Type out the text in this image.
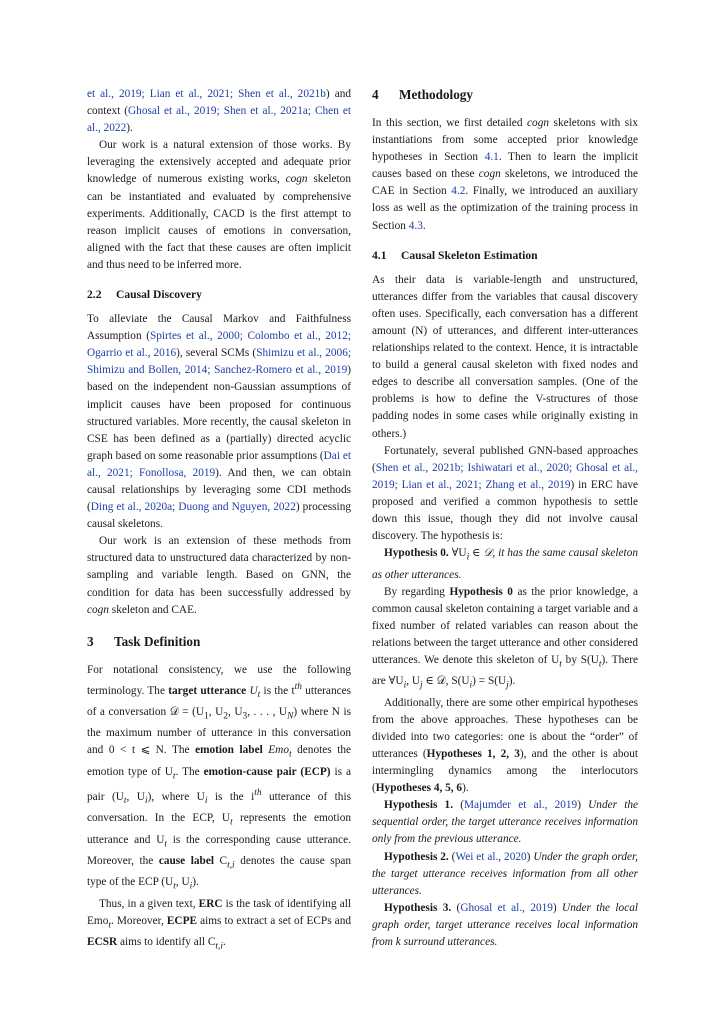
et al., 2019; Lian et al., 2021; Shen et al., 2021b) and context (Ghosal et al., 2019; Shen et al., 2021a; Chen et al., 2022).

Our work is a natural extension of those works. By leveraging the extensively accepted and adequate prior knowledge of numerous existing works, cogn skeleton can be instantiated and evaluated by comprehensive experiments. Additionally, CACD is the first attempt to reason implicit causes of emotions in conversation, aligned with the fact that these causes are often implicit and thus need to be inferred more.

2.2 Causal Discovery

To alleviate the Causal Markov and Faithfulness Assumption (Spirtes et al., 2000; Colombo et al., 2012; Ogarrio et al., 2016), several SCMs (Shimizu et al., 2006; Shimizu and Bollen, 2014; Sanchez-Romero et al., 2019) based on the independent non-Gaussian assumptions of implicit causes have been proposed for continuous structured variables. More recently, the causal skeleton in CSE has been defined as a (partially) directed acyclic graph based on some reasonable prior assumptions (Dai et al., 2021; Fonollosa, 2019). And then, we can obtain causal relationships by leveraging some CDI methods (Ding et al., 2020a; Duong and Nguyen, 2022) processing causal skeletons.

Our work is an extension of these methods from structured data to unstructured data characterized by non-sampling and variable length. Based on GNN, the condition for data has been successfully addressed by cogn skeleton and CAE.

3 Task Definition

For notational consistency, we use the following terminology. The target utterance $U_t$ is the $t^{th}$ utterances of a conversation 𝒟 = ($U_1$, $U_2$, $U_3$, . . . , $U_N$) where N is the maximum number of utterance in this conversation and 0 < t ⩽ N. The emotion label Emo$_t$ denotes the emotion type of $U_t$. The emotion-cause pair (ECP) is a pair ($U_t$, $U_i$), where $U_i$ is the $i^{th}$ utterance of this conversation. In the ECP, $U_t$ represents the emotion utterance and $U_t$ is the corresponding cause utterance. Moreover, the cause label $C_{t,i}$ denotes the cause span type of the ECP ($U_t$, $U_i$).

Thus, in a given text, ERC is the task of identifying all Emo$_t$. Moreover, ECPE aims to extract a set of ECPs and ECSR aims to identify all $C_{t,i}$.

4 Methodology

In this section, we first detailed cogn skeletons with six instantiations from some accepted prior knowledge hypotheses in Section 4.1. Then to learn the implicit causes based on these cogn skeletons, we introduced the CAE in Section 4.2. Finally, we introduced an auxiliary loss as well as the optimization of the training process in Section 4.3.

4.1 Causal Skeleton Estimation

As their data is variable-length and unstructured, utterances differ from the variables that causal discovery often uses. Specifically, each conversation has a different amount (N) of utterances, and different inter-utterances relationships related to the context. Hence, it is intractable to build a general causal skeleton with fixed nodes and edges to describe all conversation samples. (One of the problems is how to define the V-structures of those padding nodes in some cases while originally existing in others.)

Fortunately, several published GNN-based approaches (Shen et al., 2021b; Ishiwatari et al., 2020; Ghosal et al., 2019; Lian et al., 2021; Zhang et al., 2019) in ERC have proposed and verified a common hypothesis to settle down this issue, though they did not involve causal discovery. The hypothesis is:

Hypothesis 0. $\forall U_i$ ∈ 𝒟, it has the same causal skeleton as other utterances.

By regarding Hypothesis 0 as the prior knowledge, a common causal skeleton containing a target variable and a fixed number of related variables can reason about the relations between the target utterance and other considered utterances. We denote this skeleton of $U_t$ by $S(U_t)$. There are $\forall U_i$, $U_j$ ∈ 𝒟, $S(U_i) = S(U_j)$.

Additionally, there are some other empirical hypotheses from the above approaches. These hypotheses can be divided into two categories: one is about the “order” of utterances (Hypotheses 1, 2, 3), and the other is about intermingling dynamics among the interlocutors (Hypotheses 4, 5, 6).

Hypothesis 1. (Majumder et al., 2019) Under the sequential order, the target utterance receives information only from the previous utterance.

Hypothesis 2. (Wei et al., 2020) Under the graph order, the target utterance receives information from all other utterances.

Hypothesis 3. (Ghosal et al., 2019) Under the local graph order, target utterance receives local information from k surround utterances.
